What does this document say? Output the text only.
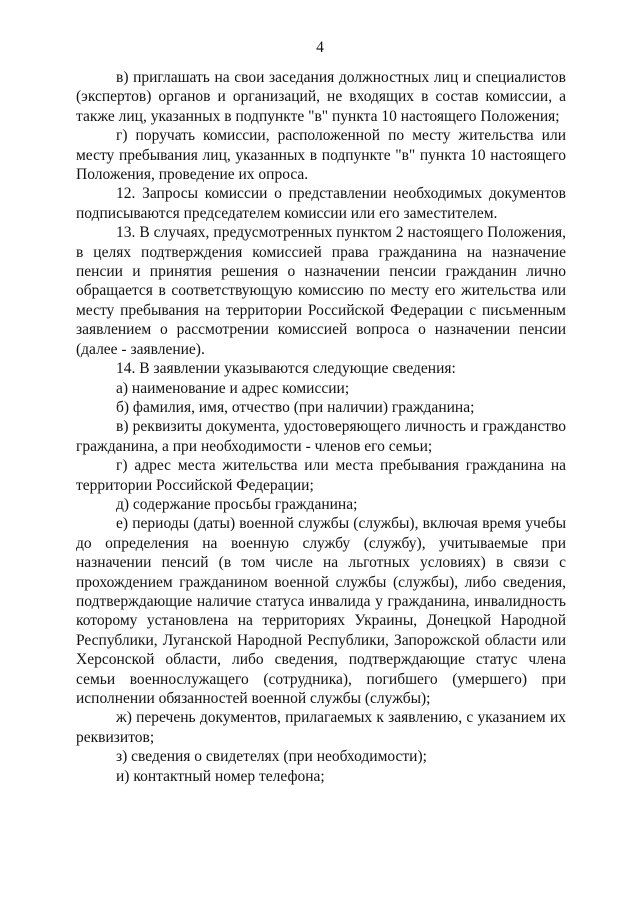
4

в) приглашать на свои заседания должностных лиц и специалистов (экспертов) органов и организаций, не входящих в состав комиссии, а также лиц, указанных в подпункте "в" пункта 10 настоящего Положения;

г) поручать комиссии, расположенной по месту жительства или месту пребывания лиц, указанных в подпункте "в" пункта 10 настоящего Положения, проведение их опроса.

12. Запросы комиссии о представлении необходимых документов подписываются председателем комиссии или его заместителем.

13. В случаях, предусмотренных пунктом 2 настоящего Положения, в целях подтверждения комиссией права гражданина на назначение пенсии и принятия решения о назначении пенсии гражданин лично обращается в соответствующую комиссию по месту его жительства или месту пребывания на территории Российской Федерации с письменным заявлением о рассмотрении комиссией вопроса о назначении пенсии (далее - заявление).

14. В заявлении указываются следующие сведения:

а) наименование и адрес комиссии;

б) фамилия, имя, отчество (при наличии) гражданина;

в) реквизиты документа, удостоверяющего личность и гражданство гражданина, а при необходимости - членов его семьи;

г) адрес места жительства или места пребывания гражданина на территории Российской Федерации;

д) содержание просьбы гражданина;

е) периоды (даты) военной службы (службы), включая время учебы до определения на военную службу (службу), учитываемые при назначении пенсий (в том числе на льготных условиях) в связи с прохождением гражданином военной службы (службы), либо сведения, подтверждающие наличие статуса инвалида у гражданина, инвалидность которому установлена на территориях Украины, Донецкой Народной Республики, Луганской Народной Республики, Запорожской области или Херсонской области, либо сведения, подтверждающие статус члена семьи военнослужащего (сотрудника), погибшего (умершего) при исполнении обязанностей военной службы (службы);

ж) перечень документов, прилагаемых к заявлению, с указанием их реквизитов;

з) сведения о свидетелях (при необходимости);

и) контактный номер телефона;
